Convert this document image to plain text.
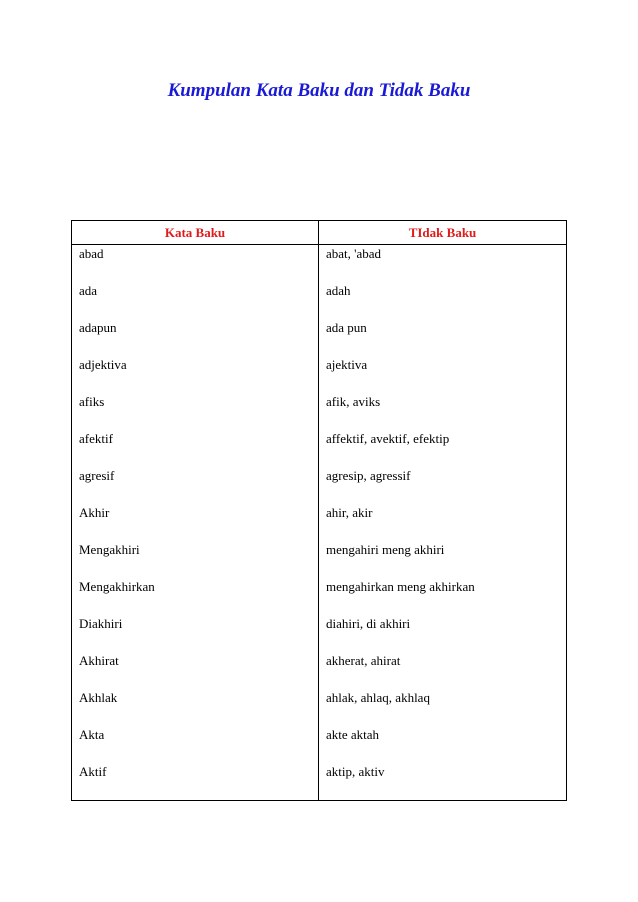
Kumpulan Kata Baku dan Tidak Baku
Kata Baku	TIdak Baku
abad	abat, 'abad
ada	adah
adapun	ada pun
adjektiva	ajektiva
afiks	afik, aviks
afektif	affektif, avektif, efektip
agresif	agresip, agressif
Akhir	ahir, akir
Mengakhiri	mengahiri meng akhiri
Mengakhirkan	mengahirkan meng akhirkan
Diakhiri	diahiri, di akhiri
Akhirat	akherat, ahirat
Akhlak	ahlak, ahlaq, akhlaq
Akta	akte aktah
Aktif	aktip, aktiv
